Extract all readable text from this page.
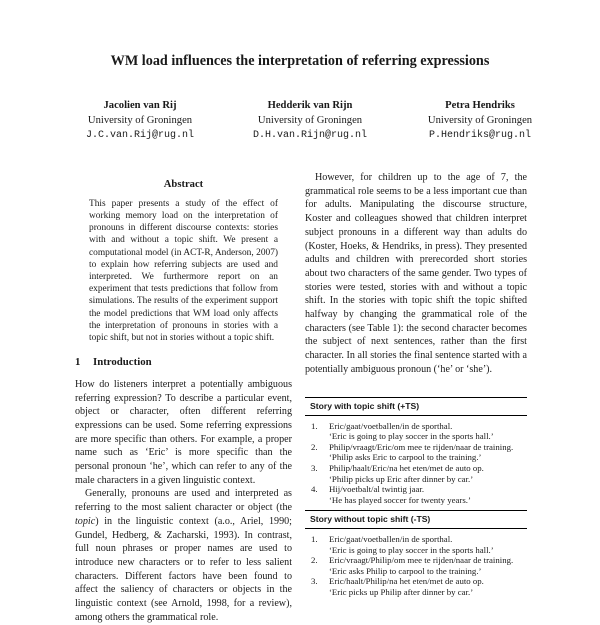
WM load influences the interpretation of referring expressions
Jacolien van Rij
University of Groningen
J.C.van.Rij@rug.nl
Hedderik van Rijn
University of Groningen
D.H.van.Rijn@rug.nl
Petra Hendriks
University of Groningen
P.Hendriks@rug.nl
Abstract

This paper presents a study of the effect of working memory load on the interpretation of pronouns in different discourse contexts: stories with and without a topic shift. We present a computational model (in ACT-R, Anderson, 2007) to explain how referring subjects are used and interpreted. We furthermore report on an experiment that tests predictions that follow from simulations. The results of the experiment support the model predictions that WM load only affects the interpretation of pronouns in stories with a topic shift, but not in stories without a topic shift.

1 Introduction

How do listeners interpret a potentially ambiguous referring expression? To describe a particular event, object or character, often different referring expressions can be used. Some referring expressions are more specific than others. For example, a proper name such as ‘Eric’ is more specific than the personal pronoun ‘he’, which can refer to any of the male characters in a given linguistic context.

Generally, pronouns are used and interpreted as referring to the most salient character or object (the topic) in the linguistic context (a.o., Ariel, 1990; Gundel, Hedberg, & Zacharski, 1993). In contrast, full noun phrases or proper names are used to introduce new characters or to refer to less salient characters. Different factors have been found to affect the saliency of characters or objects in the linguistic context (see Arnold, 1998, for a review), among others the grammatical role.

However, for children up to the age of 7, the grammatical role seems to be a less important cue than for adults. Manipulating the discourse structure, Koster and colleagues showed that children interpret subject pronouns in a different way than adults do (Koster, Hoeks, & Hendriks, in press). They presented adults and children with prerecorded short stories about two characters of the same gender. Two types of stories were tested, stories with and without a topic shift. In the stories with topic shift the topic shifted halfway by changing the grammatical role of the characters (see Table 1): the second character becomes the subject of next sentences, rather than the first character. In all stories the final sentence started with a potentially ambiguous pronoun (‘he’ or ‘she’).

Story with topic shift (+TS)
1.	Eric/gaat/voetballen/in de sporthal.
‘Eric is going to play soccer in the sports hall.’
2.	Philip/vraagt/Eric/om mee te rijden/naar de training.
‘Philip asks Eric to carpool to the training.’
3.	Philip/haalt/Eric/na het eten/met de auto op.
‘Philip picks up Eric after dinner by car.’
4.	Hij/voetbalt/al twintig jaar.
‘He has played soccer for twenty years.’
Story without topic shift (-TS)
1.	Eric/gaat/voetballen/in de sporthal.
‘Eric is going to play soccer in the sports hall.’
2.	Eric/vraagt/Philip/om mee te rijden/naar de training.
‘Eric asks Philip to carpool to the training.’
3.	Eric/haalt/Philip/na het eten/met de auto op.
‘Eric picks up Philip after dinner by car.’
